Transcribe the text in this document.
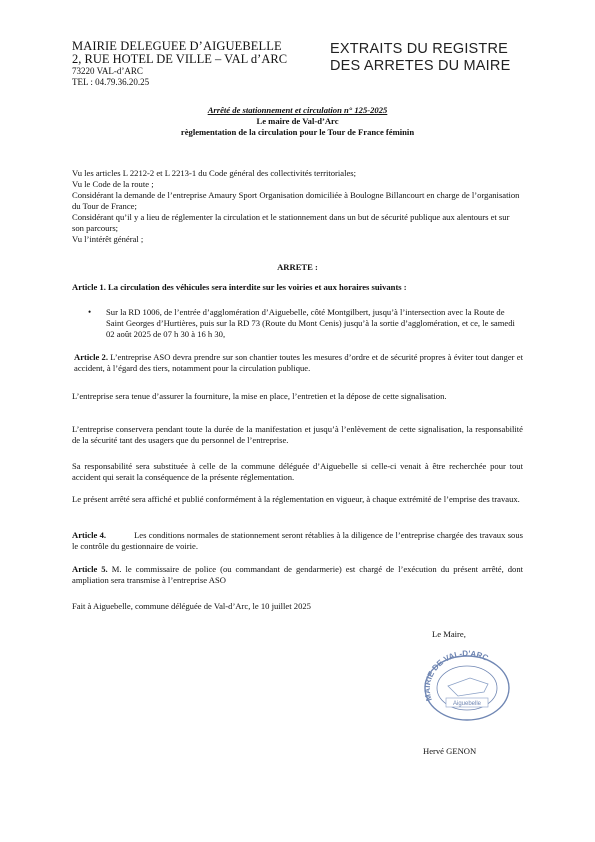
MAIRIE DELEGUEE D’AIGUEBELLE
2, RUE HOTEL DE VILLE – VAL d’ARC
73220 VAL-d’ARC
TEL : 04.79.36.20.25
EXTRAITS DU REGISTRE
DES ARRETES DU MAIRE
Arrêté de stationnement et circulation n° 125-2025
Le maire de Val-d’Arc
règlementation de la circulation pour le Tour de France féminin
Vu les articles L 2212-2 et L 2213-1 du Code général des collectivités territoriales;
Vu le Code de la route ;
Considérant la demande de l’entreprise Amaury Sport Organisation domiciliée à Boulogne Billancourt en charge de l’organisation du Tour de France;
Considérant qu’il y a lieu de réglementer la circulation et le stationnement dans un but de sécurité publique aux alentours et sur son parcours;
Vu l’intérêt général ;
ARRETE :
Article 1. La circulation des véhicules sera interdite sur les voiries et aux horaires suivants :
• Sur la RD 1006, de l’entrée d’agglomération d’Aiguebelle, côté Montgilbert, jusqu’à l’intersection avec la Route de Saint Georges d’Hurtières, puis sur la RD 73 (Route du Mont Cenis) jusqu’à la sortie d’agglomération, et ce, le samedi 02 août 2025 de 07 h 30 à 16 h 30,
Article 2. L’entreprise ASO devra prendre sur son chantier toutes les mesures d’ordre et de sécurité propres à éviter tout danger et accident, à l’égard des tiers, notamment pour la circulation publique.
L’entreprise sera tenue d’assurer la fourniture, la mise en place, l’entretien et la dépose de cette signalisation.
L’entreprise conservera pendant toute la durée de la manifestation et jusqu’à l’enlèvement de cette signalisation, la responsabilité de la sécurité tant des usagers que du personnel de l’entreprise.
Sa responsabilité sera substituée à celle de la commune déléguée d’Aiguebelle si celle-ci venait à être recherchée pour tout accident qui serait la conséquence de la présente réglementation.
Le présent arrêté sera affiché et publié conformément à la réglementation en vigueur, à chaque extrémité de l’emprise des travaux.
Article 4.	Les conditions normales de stationnement seront rétablies à la diligence de l’entreprise chargée des travaux sous le contrôle du gestionnaire de voirie.
Article 5. M. le commissaire de police (ou commandant de gendarmerie) est chargé de l’exécution du présent arrêté, dont ampliation sera transmise à l’entreprise ASO
Fait à Aiguebelle, commune déléguée de Val-d’Arc, le 10 juillet 2025
Le Maire,
MAIRIE DE VAL-D'ARC
Aiguebelle
Hervé GENON
